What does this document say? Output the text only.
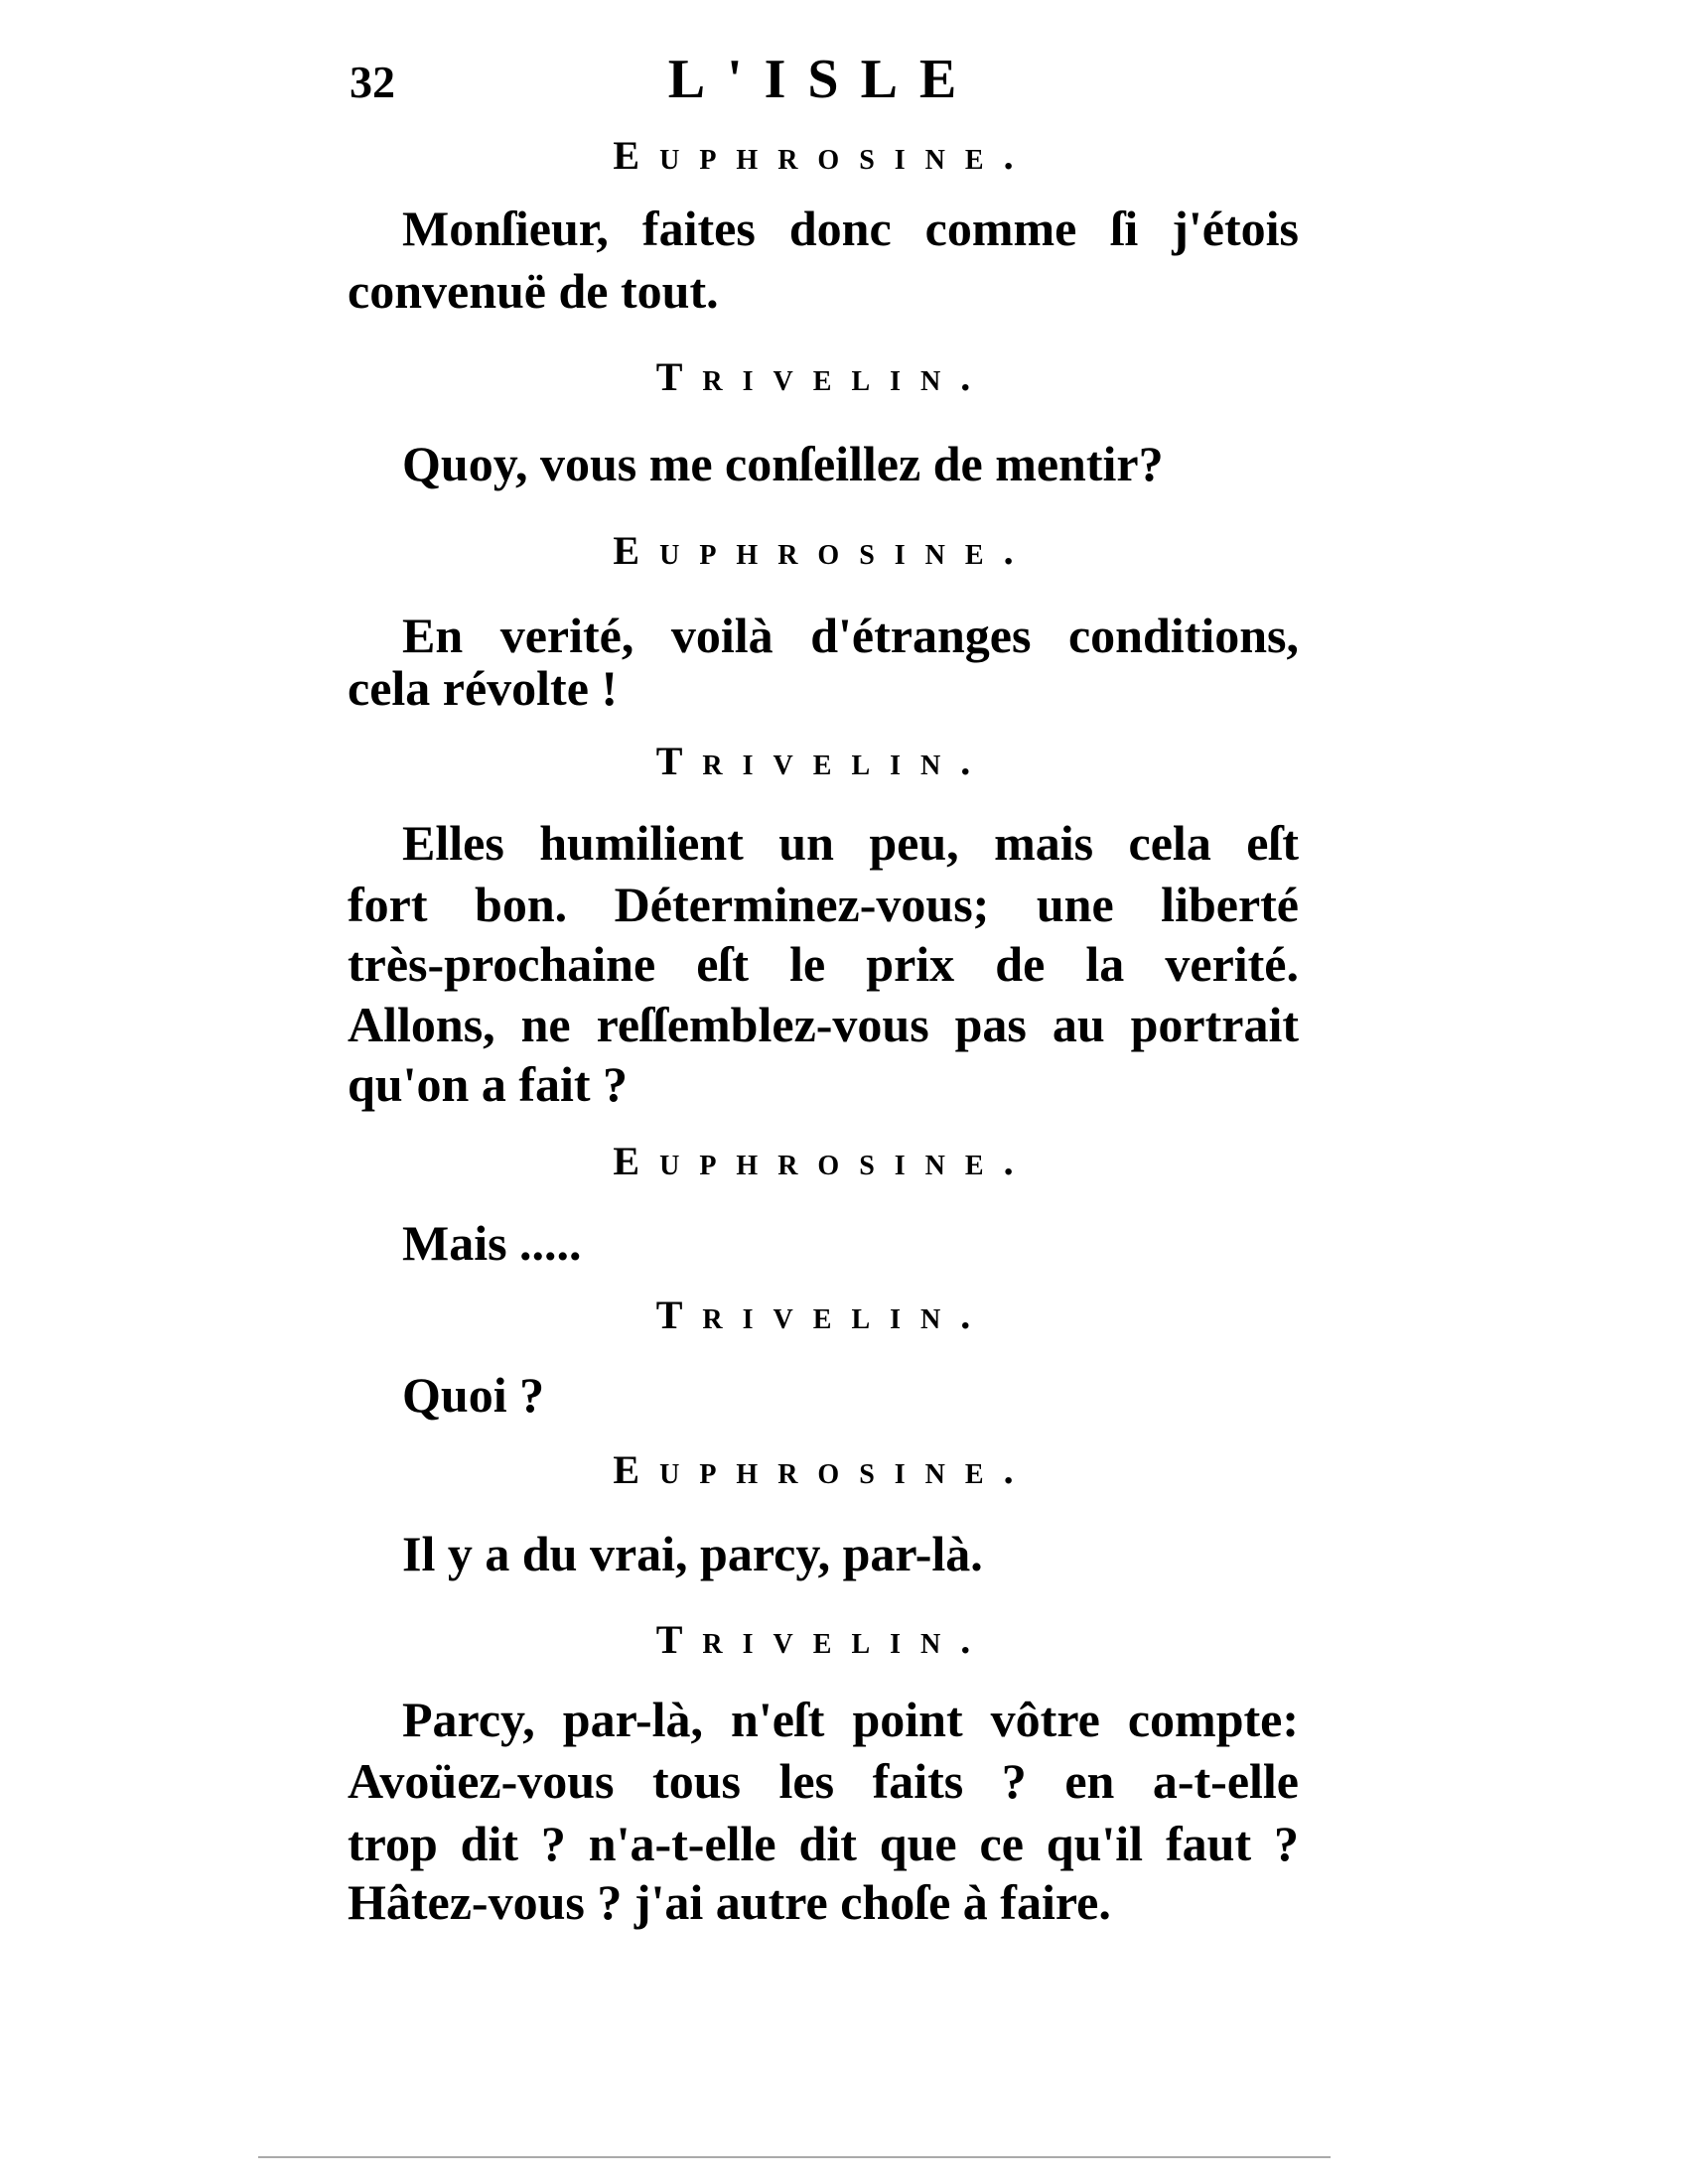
32	L'ISLE
Euphrosine.
Monſieur, faites donc comme ſi j'étois
convenuë de tout.
Trivelin.
Quoy, vous me conſeillez de mentir?
Euphrosine.
En verité, voilà d'étranges conditions,
cela révolte !
Trivelin.
Elles humilient un peu, mais cela eſt
fort bon. Déterminez-vous; une liberté
très-prochaine eſt le prix de la verité.
Allons, ne reſſemblez-vous pas au portrait
qu'on a fait ?
Euphrosine.
Mais .....
Trivelin.
Quoi ?
Euphrosine.
Il y a du vrai, parcy, par-là.
Trivelin.
Parcy, par-là, n'eſt point vôtre compte:
Avoüez-vous tous les faits ? en a-t-elle
trop dit ? n'a-t-elle dit que ce qu'il faut ?
Hâtez-vous ? j'ai autre choſe à faire.
